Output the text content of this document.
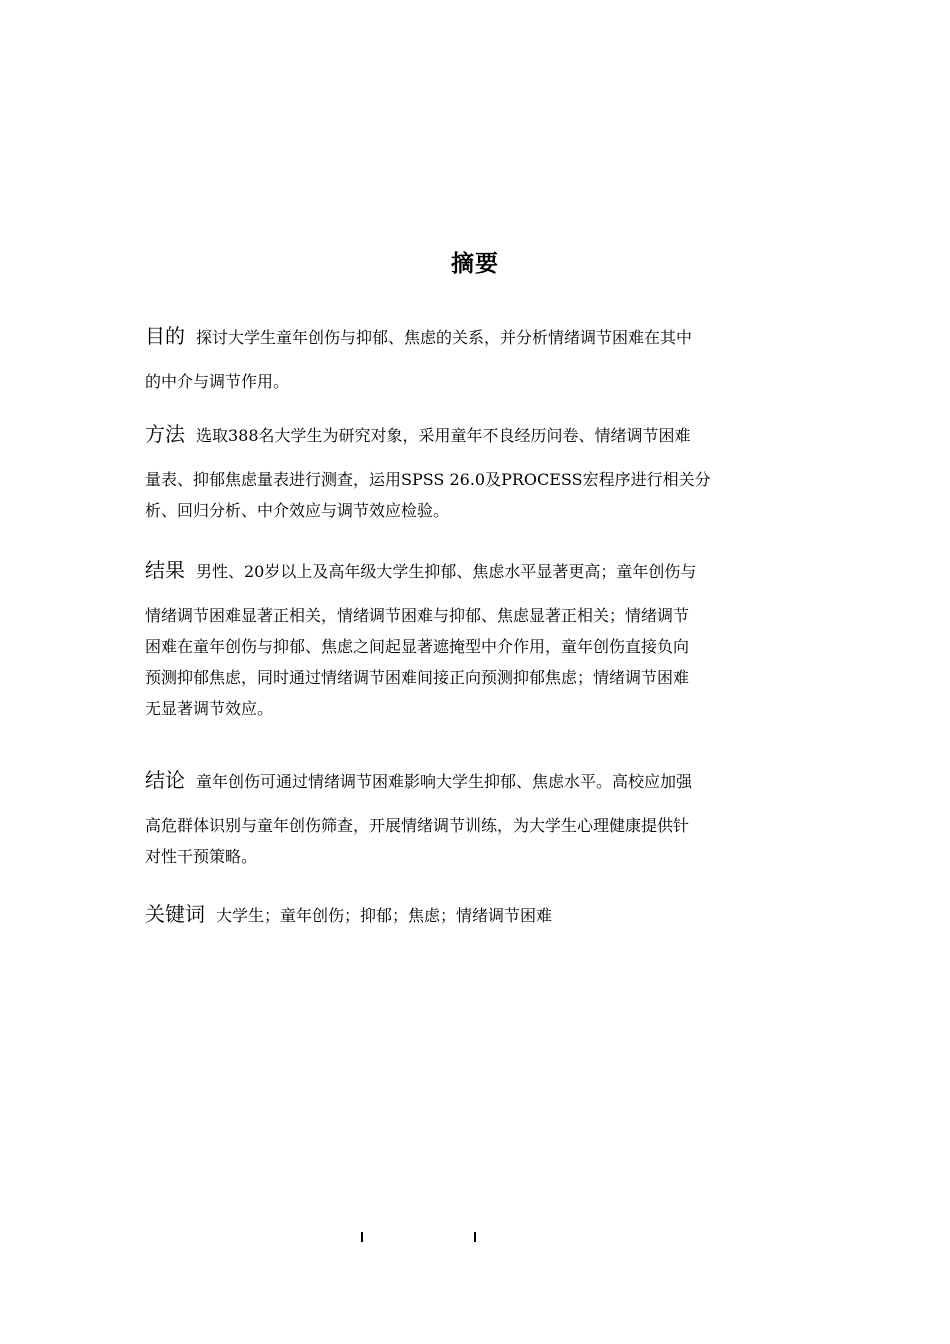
摘要
目的 探讨大学生童年创伤与抑郁、焦虑的关系，并分析情绪调节困难在其中
的中介与调节作用。
方法 选取388名大学生为研究对象，采用童年不良经历问卷、情绪调节困难
量表、抑郁焦虑量表进行测查，运用SPSS 26.0及PROCESS宏程序进行相关分
析、回归分析、中介效应与调节效应检验。
结果 男性、20岁以上及高年级大学生抑郁、焦虑水平显著更高；童年创伤与
情绪调节困难显著正相关，情绪调节困难与抑郁、焦虑显著正相关；情绪调节
困难在童年创伤与抑郁、焦虑之间起显著遮掩型中介作用，童年创伤直接负向
预测抑郁焦虑，同时通过情绪调节困难间接正向预测抑郁焦虑；情绪调节困难
无显著调节效应。
结论 童年创伤可通过情绪调节困难影响大学生抑郁、焦虑水平。高校应加强
高危群体识别与童年创伤筛查，开展情绪调节训练，为大学生心理健康提供针
对性干预策略。
关键词 大学生；童年创伤；抑郁；焦虑；情绪调节困难
